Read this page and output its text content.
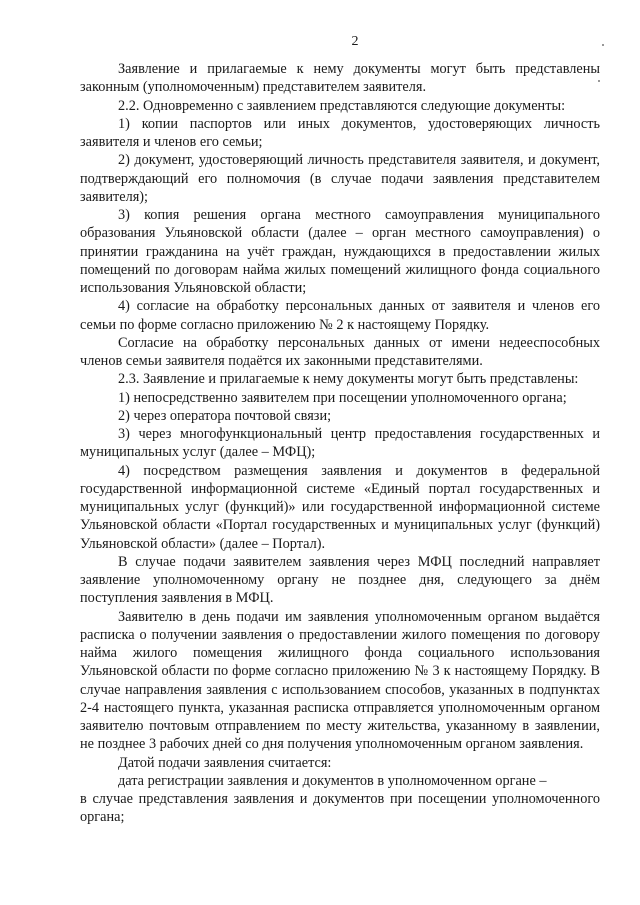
2

Заявление и прилагаемые к нему документы могут быть представлены законным (уполномоченным) представителем заявителя.

2.2. Одновременно с заявлением представляются следующие документы:

1) копии паспортов или иных документов, удостоверяющих личность заявителя и членов его семьи;

2) документ, удостоверяющий личность представителя заявителя, и документ, подтверждающий его полномочия (в случае подачи заявления представителем заявителя);

3) копия решения органа местного самоуправления муниципального образования Ульяновской области (далее – орган местного самоуправления) о принятии гражданина на учёт граждан, нуждающихся в предоставлении жилых помещений по договорам найма жилых помещений жилищного фонда социального использования Ульяновской области;

4) согласие на обработку персональных данных от заявителя и членов его семьи по форме согласно приложению № 2 к настоящему Порядку.

Согласие на обработку персональных данных от имени недееспособных членов семьи заявителя подаётся их законными представителями.

2.3. Заявление и прилагаемые к нему документы могут быть представлены:

1) непосредственно заявителем при посещении уполномоченного органа;

2) через оператора почтовой связи;

3) через многофункциональный центр предоставления государственных и муниципальных услуг (далее – МФЦ);

4) посредством размещения заявления и документов в федеральной государственной информационной системе «Единый портал государственных и муниципальных услуг (функций)» или государственной информационной системе Ульяновской области «Портал государственных и муниципальных услуг (функций) Ульяновской области» (далее – Портал).

В случае подачи заявителем заявления через МФЦ последний направляет заявление уполномоченному органу не позднее дня, следующего за днём поступления заявления в МФЦ.

Заявителю в день подачи им заявления уполномоченным органом выдаётся расписка о получении заявления о предоставлении жилого помещения по договору найма жилого помещения жилищного фонда социального использования Ульяновской области по форме согласно приложению № 3 к настоящему Порядку. В случае направления заявления с использованием способов, указанных в подпунктах 2-4 настоящего пункта, указанная расписка отправляется уполномоченным органом заявителю почтовым отправлением по месту жительства, указанному в заявлении, не позднее 3 рабочих дней со дня получения уполномоченным органом заявления.

Датой подачи заявления считается:

дата регистрации заявления и документов в уполномоченном органе –

в случае представления заявления и документов при посещении уполномоченного органа;
